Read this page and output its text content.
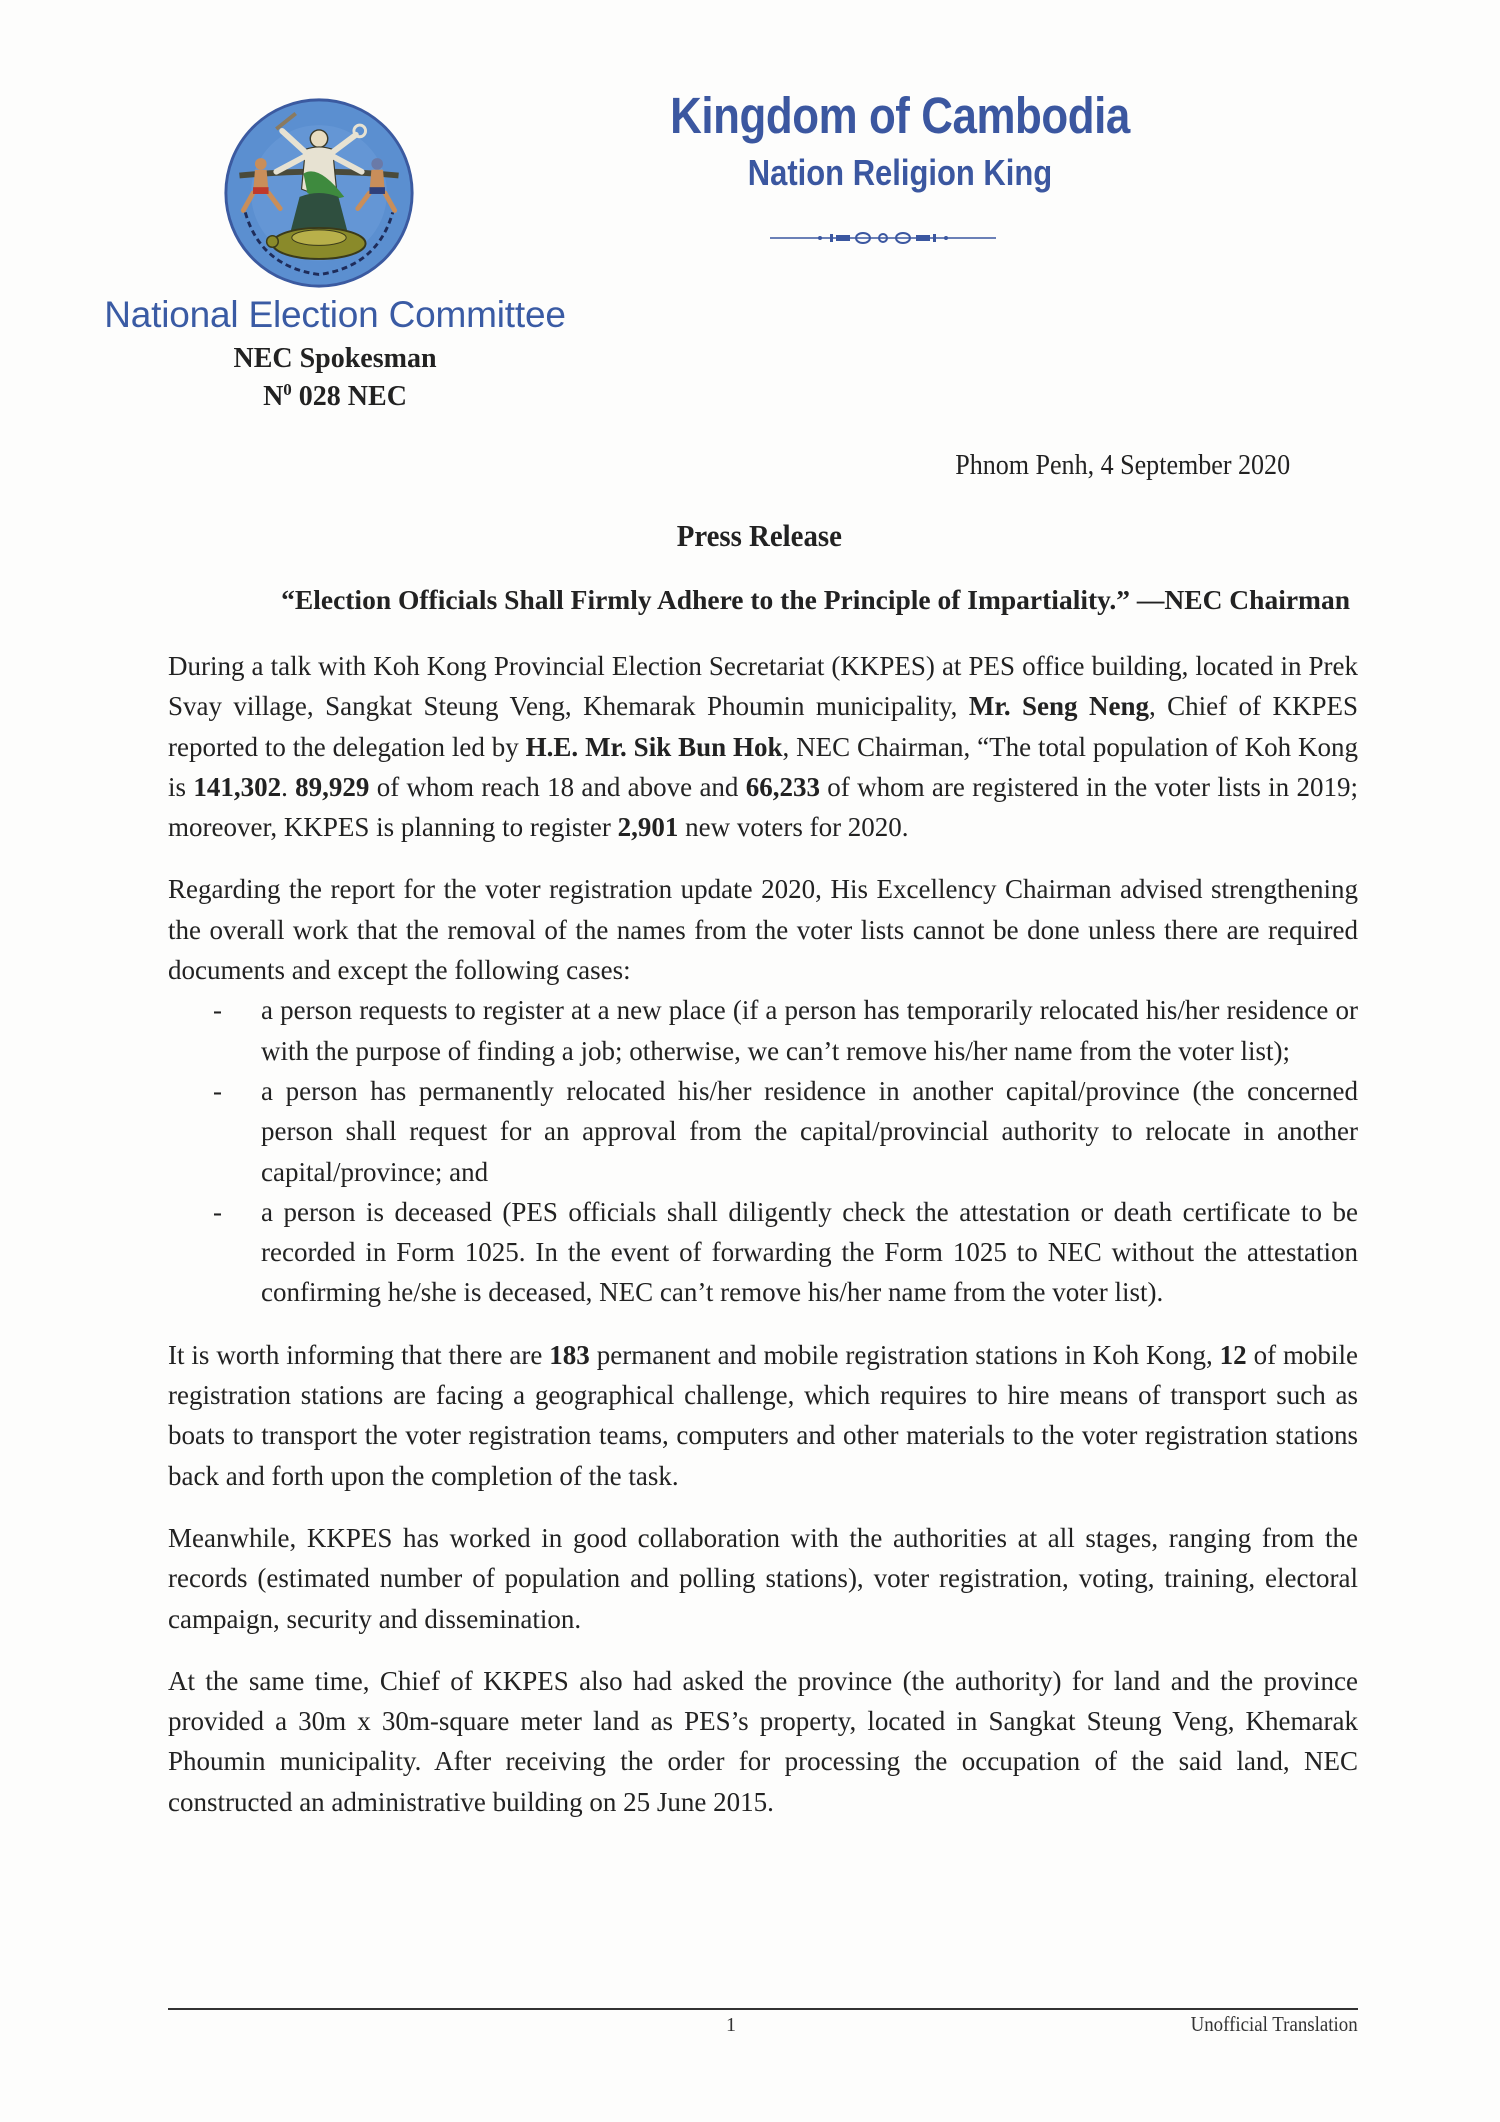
National Election Committee
NEC Spokesman
$N^0$ 028 NEC
Kingdom of Cambodia
Nation Religion King
Phnom Penh, 4 September 2020
Press Release
“Election Officials Shall Firmly Adhere to the Principle of Impartiality.” —NEC Chairman

During a talk with Koh Kong Provincial Election Secretariat (KKPES) at PES office building, located in Prek Svay village, Sangkat Steung Veng, Khemarak Phoumin municipality, Mr. Seng Neng, Chief of KKPES reported to the delegation led by H.E. Mr. Sik Bun Hok, NEC Chairman, “The total population of Koh Kong is 141,302. 89,929 of whom reach 18 and above and 66,233 of whom are registered in the voter lists in 2019; moreover, KKPES is planning to register 2,901 new voters for 2020.

Regarding the report for the voter registration update 2020, His Excellency Chairman advised strengthening the overall work that the removal of the names from the voter lists cannot be done unless there are required documents and except the following cases:

- a person requests to register at a new place (if a person has temporarily relocated his/her residence or with the purpose of finding a job; otherwise, we can’t remove his/her name from the voter list);
- a person has permanently relocated his/her residence in another capital/province (the concerned person shall request for an approval from the capital/provincial authority to relocate in another capital/province; and
- a person is deceased (PES officials shall diligently check the attestation or death certificate to be recorded in Form 1025. In the event of forwarding the Form 1025 to NEC without the attestation confirming he/she is deceased, NEC can’t remove his/her name from the voter list).

It is worth informing that there are 183 permanent and mobile registration stations in Koh Kong, 12 of mobile registration stations are facing a geographical challenge, which requires to hire means of transport such as boats to transport the voter registration teams, computers and other materials to the voter registration stations back and forth upon the completion of the task.

Meanwhile, KKPES has worked in good collaboration with the authorities at all stages, ranging from the records (estimated number of population and polling stations), voter registration, voting, training, electoral campaign, security and dissemination.

At the same time, Chief of KKPES also had asked the province (the authority) for land and the province provided a 30m x 30m-square meter land as PES’s property, located in Sangkat Steung Veng, Khemarak Phoumin municipality. After receiving the order for processing the occupation of the said land, NEC constructed an administrative building on 25 June 2015.

1	Unofficial Translation
